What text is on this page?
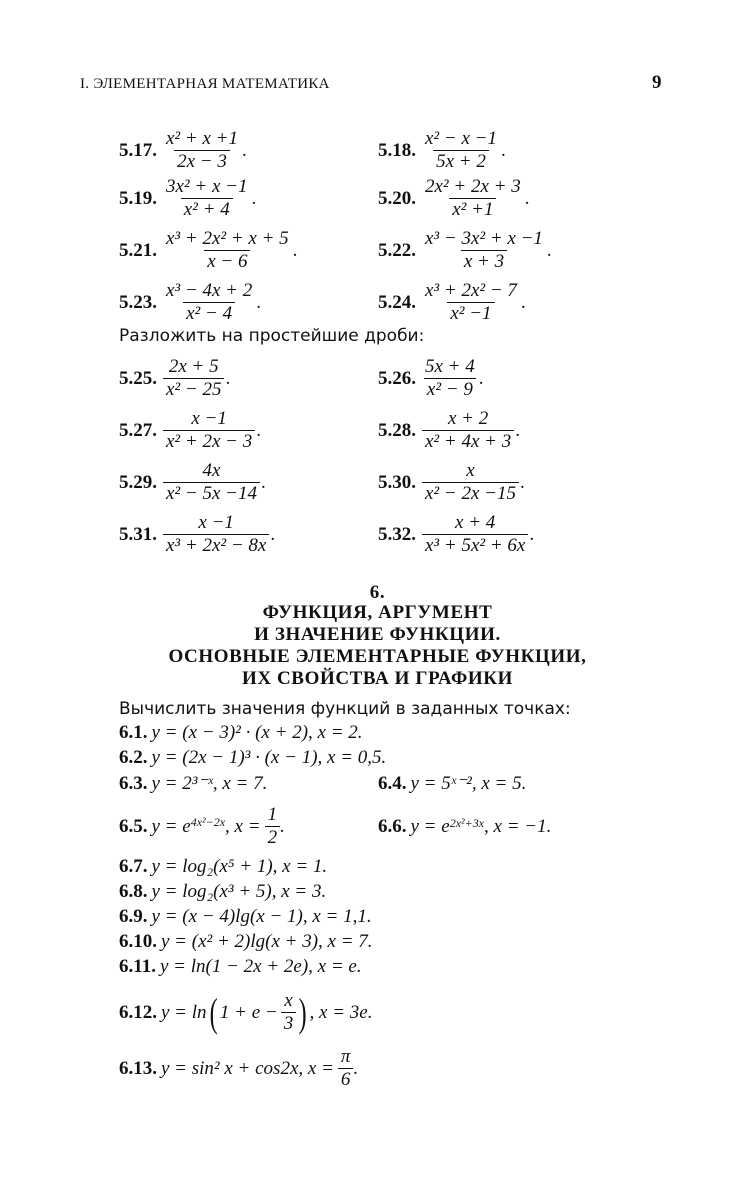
I. ЭЛЕМЕНТАРНАЯ МАТЕМАТИКА	9
5.17. $\frac{\text{x² + x +1}}{2x - 3}$ .	5.18. $\frac{\text{x² − x −1}}{5x + 2}$ .
5.19. $\frac{\text{3x² + x −1}}{\text{x² + 4}}$ .	5.20. $\frac{\text{2x² + 2x + 3}}{\text{x² +1}}$ .
5.21. $\frac{\text{x³ + 2x² + x + 5}}{x - 6}$ .	5.22. $\frac{\text{x³ − 3x² + x −1}}{x + 3}$ .
5.23. $\frac{\text{x³ − 4x + 2}}{\text{x² − 4}}$ .	5.24. $\frac{\text{x³ + 2x² − 7}}{\text{x² −1}}$ .
Разложить на простейшие дроби:
5.25. $\frac{2x + 5}{\text{x² − 25}}$ .	5.26. $\frac{5x + 4}{\text{x² − 9}}$ .
5.27. $\frac{x -1}{\text{x² + 2x − 3}}$ .	5.28. $\frac{x + 2}{\text{x² + 4x + 3}}$ .
5.29. $\frac{4x}{\text{x² − 5x −14}}$ .	5.30. $\frac{x}{\text{x² − 2x −15}}$ .
5.31. $\frac{x -1}{\text{x³ + 2x² − 8x}}$ .	5.32. $\frac{x + 4}{\text{x³ + 5x² + 6x}}$ .
6.
ФУНКЦИЯ, АРГУМЕНТ
И ЗНАЧЕНИЕ ФУНКЦИИ.
ОСНОВНЫЕ ЭЛЕМЕНТАРНЫЕ ФУНКЦИИ,
ИХ СВОЙСТВА И ГРАФИКИ
Вычислить значения функций в заданных точках:
6.1. y = (x − 3)² · (x + 2), x = 2.
6.2. y = (2x − 1)³ · (x − 1), x = 0,5.
6.3. y = 2³⁻ˣ, x = 7.	6.4. y = 5ˣ⁻², x = 5.
6.5. $y = e^{4x^2-2x}$ , $x = \frac{1}{2}$ .	6.6. $y = e^{2x^2+3x}$ , x = −1.
6.7. y = log₂(x⁵ + 1), x = 1.
6.8. y = log₂(x³ + 5), x = 3.
6.9. y = (x − 4)lg(x − 1), x = 1,1.
6.10. y = (x² + 2)lg(x + 3), x = 7.
6.11. y = ln(1 − 2x + 2e), x = e.
6.12. y = ln ( $1 + e - \frac{x}{3}$ ) , x = 3e.
6.13. y = sin² x + cos2x, $x = \frac{\pi}{6}$ .
